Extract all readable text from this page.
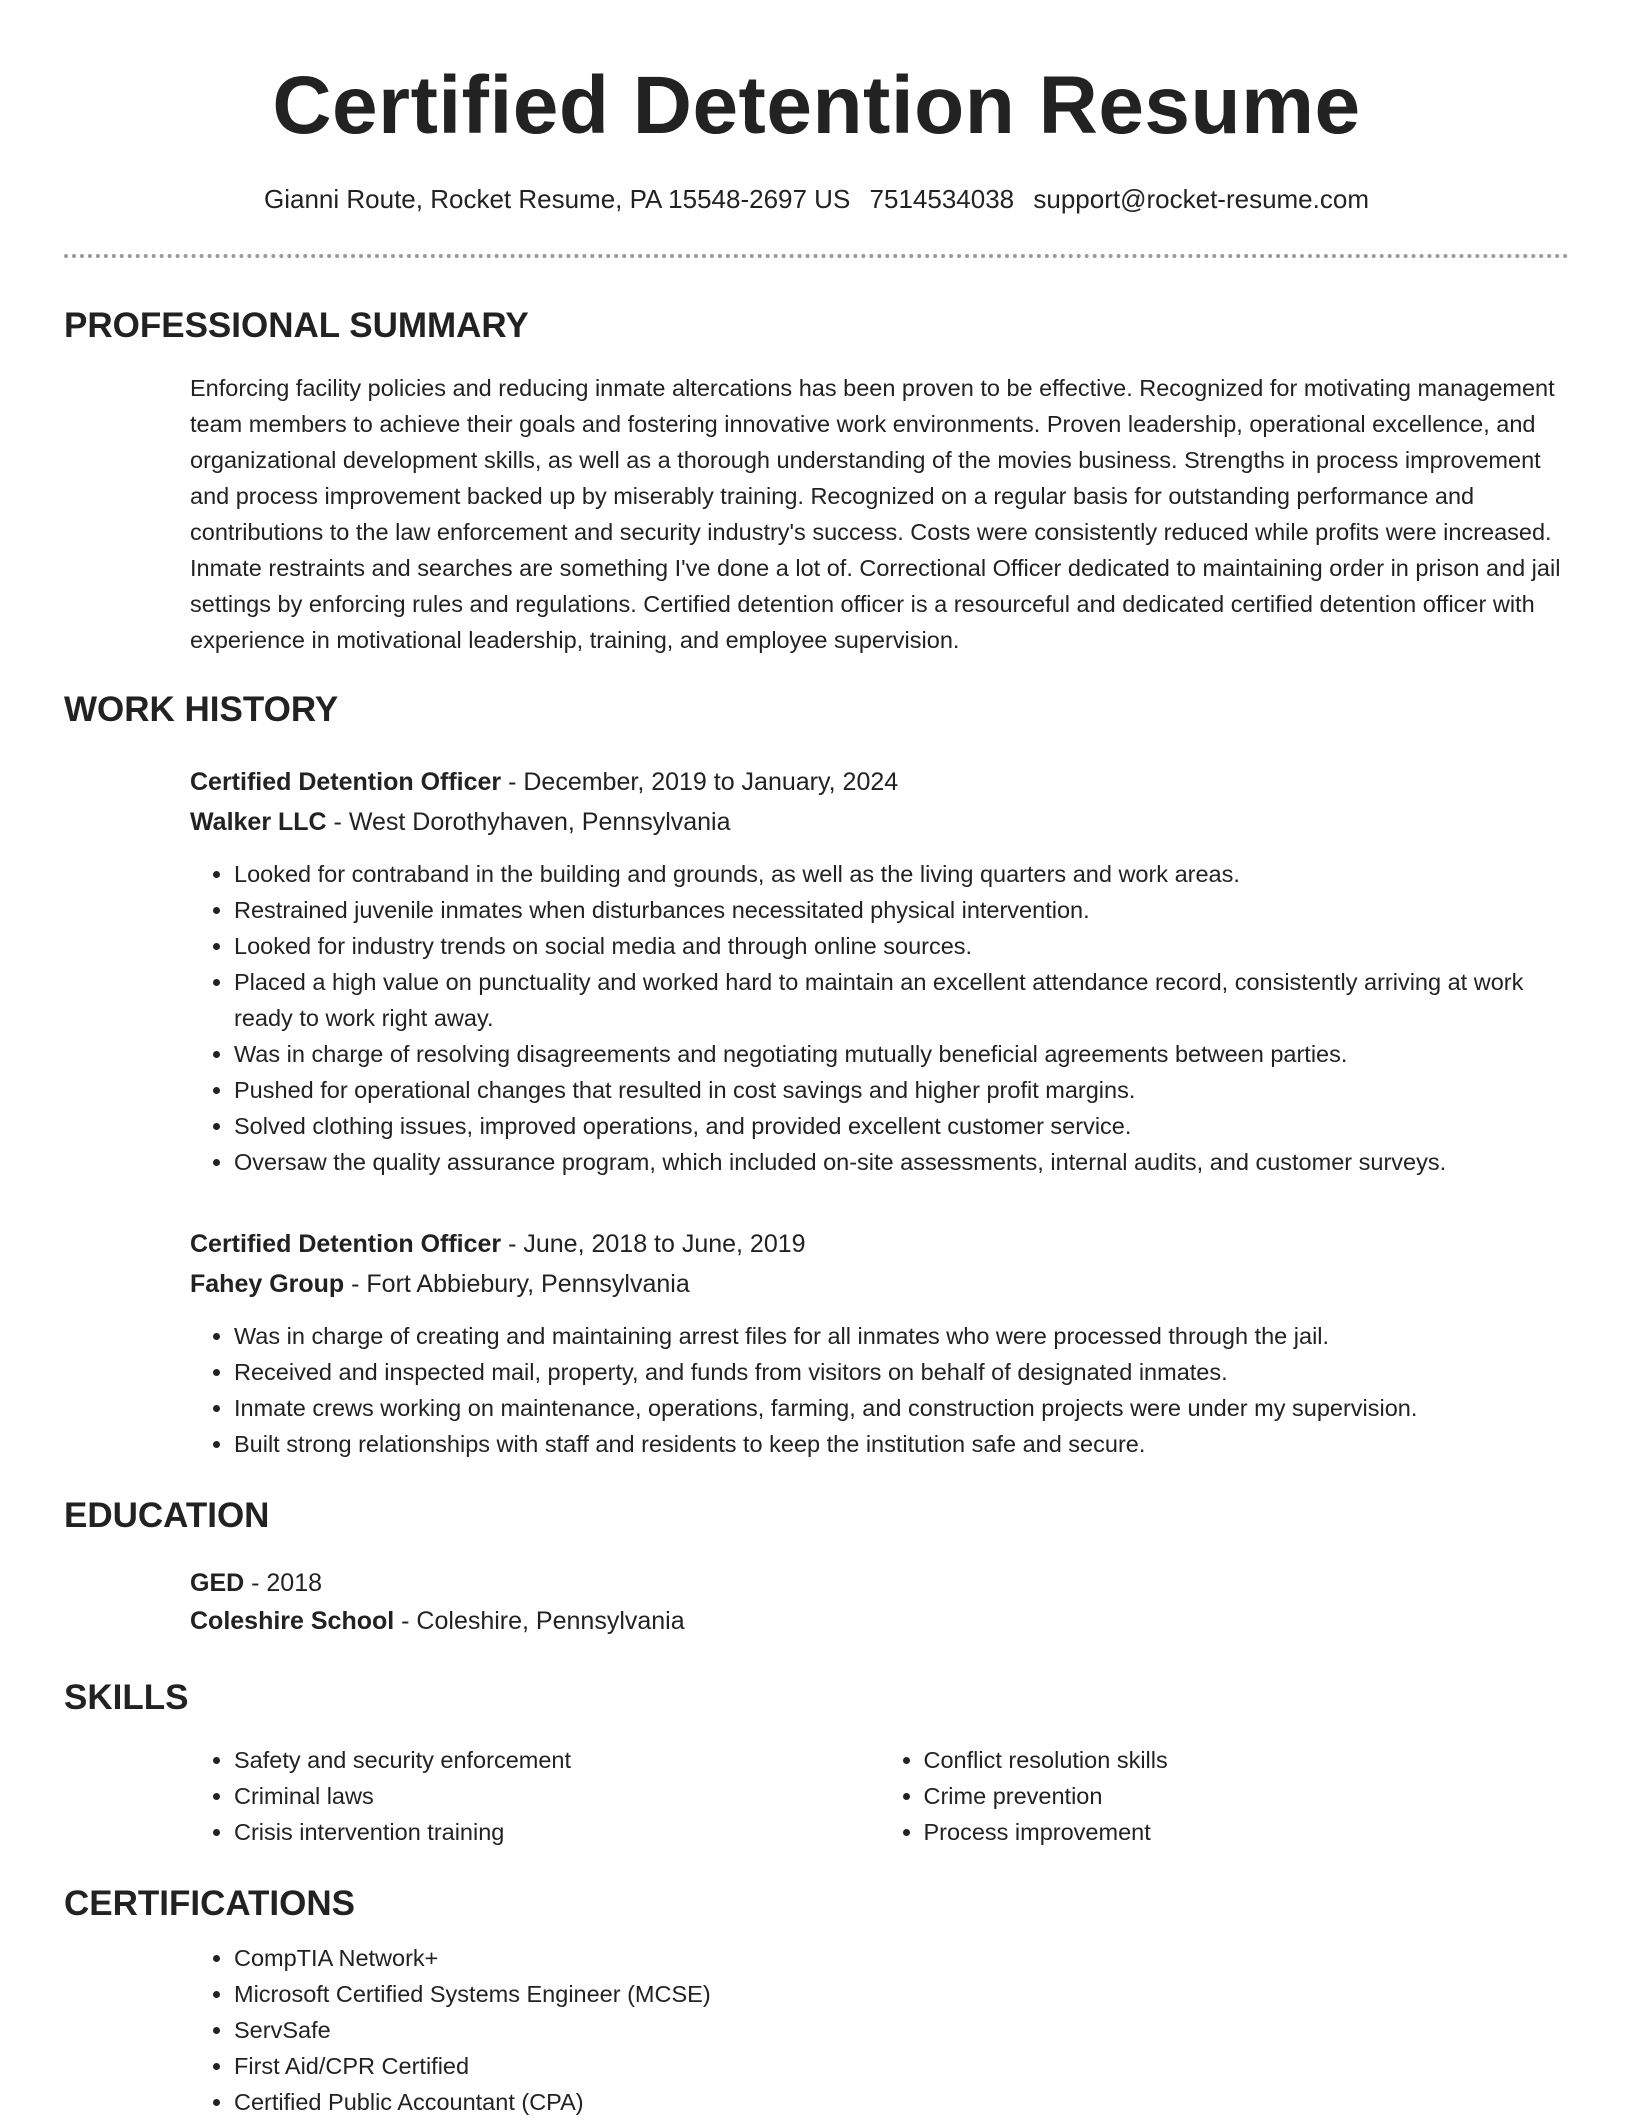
Certified Detention Resume
Gianni Route, Rocket Resume, PA 15548-2697 US 7514534038 support@rocket-resume.com
PROFESSIONAL SUMMARY
Enforcing facility policies and reducing inmate altercations has been proven to be effective. Recognized for motivating management team members to achieve their goals and fostering innovative work environments. Proven leadership, operational excellence, and organizational development skills, as well as a thorough understanding of the movies business. Strengths in process improvement and process improvement backed up by miserably training. Recognized on a regular basis for outstanding performance and contributions to the law enforcement and security industry's success. Costs were consistently reduced while profits were increased. Inmate restraints and searches are something I've done a lot of. Correctional Officer dedicated to maintaining order in prison and jail settings by enforcing rules and regulations. Certified detention officer is a resourceful and dedicated certified detention officer with experience in motivational leadership, training, and employee supervision.
WORK HISTORY
Certified Detention Officer - December, 2019 to January, 2024
Walker LLC - West Dorothyhaven, Pennsylvania
• Looked for contraband in the building and grounds, as well as the living quarters and work areas.
• Restrained juvenile inmates when disturbances necessitated physical intervention.
• Looked for industry trends on social media and through online sources.
• Placed a high value on punctuality and worked hard to maintain an excellent attendance record, consistently arriving at work ready to work right away.
• Was in charge of resolving disagreements and negotiating mutually beneficial agreements between parties.
• Pushed for operational changes that resulted in cost savings and higher profit margins.
• Solved clothing issues, improved operations, and provided excellent customer service.
• Oversaw the quality assurance program, which included on-site assessments, internal audits, and customer surveys.
Certified Detention Officer - June, 2018 to June, 2019
Fahey Group - Fort Abbiebury, Pennsylvania
• Was in charge of creating and maintaining arrest files for all inmates who were processed through the jail.
• Received and inspected mail, property, and funds from visitors on behalf of designated inmates.
• Inmate crews working on maintenance, operations, farming, and construction projects were under my supervision.
• Built strong relationships with staff and residents to keep the institution safe and secure.
EDUCATION
GED - 2018
Coleshire School - Coleshire, Pennsylvania
SKILLS
• Safety and security enforcement
• Criminal laws
• Crisis intervention training
• Conflict resolution skills
• Crime prevention
• Process improvement
CERTIFICATIONS
• CompTIA Network+
• Microsoft Certified Systems Engineer (MCSE)
• ServSafe
• First Aid/CPR Certified
• Certified Public Accountant (CPA)
